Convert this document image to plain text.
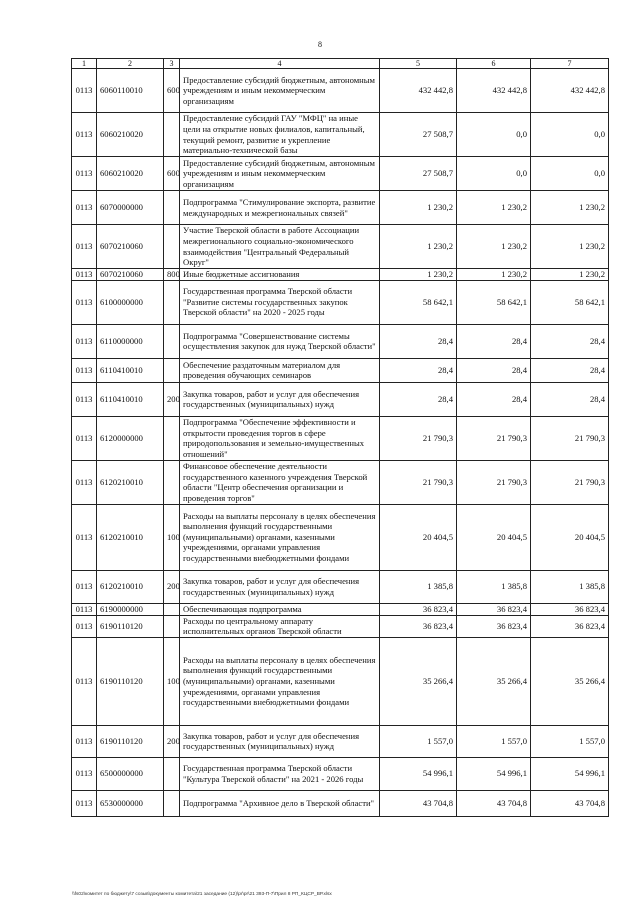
8
1	2	3	4	5	6	7
0113	6060110010	600	Предоставление субсидий бюджетным, автономным учреждениям и иным некоммерческим организациям	432 442,8	432 442,8	432 442,8
0113	6060210020		Предоставление субсидий ГАУ "МФЦ" на иные цели на открытие новых филиалов, капитальный, текущий ремонт, развитие и укрепление материально-технической базы	27 508,7	0,0	0,0
0113	6060210020	600	Предоставление субсидий бюджетным, автономным учреждениям и иным некоммерческим организациям	27 508,7	0,0	0,0
0113	6070000000		Подпрограмма "Стимулирование экспорта, развитие международных и межрегиональных связей"	1 230,2	1 230,2	1 230,2
0113	6070210060		Участие Тверской области в работе Ассоциации межрегионального социально-экономического взаимодействия "Центральный Федеральный Округ"	1 230,2	1 230,2	1 230,2
0113	6070210060	800	Иные бюджетные ассигнования	1 230,2	1 230,2	1 230,2
0113	6100000000		Государственная программа Тверской области "Развитие системы государственных закупок Тверской области" на 2020 - 2025 годы	58 642,1	58 642,1	58 642,1
0113	6110000000		Подпрограмма "Совершенствование системы осуществления закупок для нужд Тверской области"	28,4	28,4	28,4
0113	6110410010		Обеспечение раздаточным материалом для проведения обучающих семинаров	28,4	28,4	28,4
0113	6110410010	200	Закупка товаров, работ и услуг для обеспечения государственных (муниципальных) нужд	28,4	28,4	28,4
0113	6120000000		Подпрограмма "Обеспечение эффективности и открытости проведения торгов в сфере природопользования и земельно-имущественных отношений"	21 790,3	21 790,3	21 790,3
0113	6120210010		Финансовое обеспечение деятельности государственного казенного учреждения Тверской области "Центр обеспечения организации и проведения торгов"	21 790,3	21 790,3	21 790,3
0113	6120210010	100	Расходы на выплаты персоналу в целях обеспечения выполнения функций государственными (муниципальными) органами, казенными учреждениями, органами управления государственными внебюджетными фондами	20 404,5	20 404,5	20 404,5
0113	6120210010	200	Закупка товаров, работ и услуг для обеспечения государственных (муниципальных) нужд	1 385,8	1 385,8	1 385,8
0113	6190000000		Обеспечивающая подпрограмма	36 823,4	36 823,4	36 823,4
0113	6190110120		Расходы по центральному аппарату исполнительных органов Тверской области	36 823,4	36 823,4	36 823,4
0113	6190110120	100	Расходы на выплаты персоналу в целях обеспечения выполнения функций государственными (муниципальными) органами, казенными учреждениями, органами управления государственными внебюджетными фондами	35 266,4	35 266,4	35 266,4
0113	6190110120	200	Закупка товаров, работ и услуг для обеспечения государственных (муниципальных) нужд	1 557,0	1 557,0	1 557,0
0113	6500000000		Государственная программа Тверской области "Культура Тверской области" на 2021 - 2026 годы	54 996,1	54 996,1	54 996,1
0113	6530000000		Подпрограмма "Архивное дело в Тверской области"	43 704,8	43 704,8	43 704,8
\\fs02\комитет по бюджету\7 созыв\документы комитета\21 заседание (12)\pr\pr\21 393-П-7\Прил 8 РП_КЦСР_ВР.xlsx
